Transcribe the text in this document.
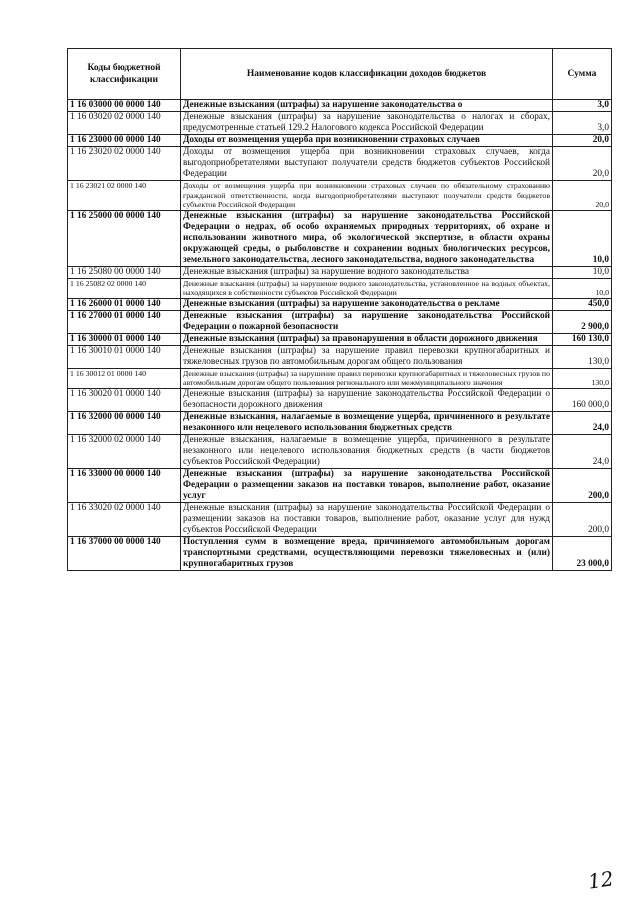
Коды бюджетной классификации	Наименование кодов классификации доходов бюджетов	Сумма
1 16 03000 00 0000 140	Денежные взыскания (штрафы) за нарушение законодательства о	3,0
1 16 03020 02 0000 140	Денежные взыскания (штрафы) за нарушение законодательства о налогах и сборах, предусмотренные статьей 129.2 Налогового кодекса Российской Федерации	3,0
1 16 23000 00 0000 140	Доходы от возмещения ущерба при возникновении страховых случаев	20,0
1 16 23020 02 0000 140	Доходы от возмещения ущерба при возникновении страховых случаев, когда выгодоприобретателями выступают получатели средств бюджетов субъектов Российской Федерации	20,0
1 16 23021 02 0000 140	Доходы от возмещения ущерба при возникновении страховых случаев по обязательному страхованию гражданской ответственности, когда выгодоприобретателями выступают получатели средств бюджетов субъектов Российской Федерации	20,0
1 16 25000 00 0000 140	Денежные взыскания (штрафы) за нарушение законодательства Российской Федерации о недрах, об особо охраняемых природных территориях, об охране и использовании животного мира, об экологической экспертизе, в области охраны окружающей среды, о рыболовстве и сохранении водных биологических ресурсов, земельного законодательства, лесного законодательства, водного законодательства	10,0
1 16 25080 00 0000 140	Денежные взыскания (штрафы) за нарушение водного законодательства	10,0
1 16 25082 02 0000 140	Денежные взыскания (штрафы) за нарушение водного законодательства, установленное на водных объектах, находящихся в собственности субъектов Российской Федерации	10,0
1 16 26000 01 0000 140	Денежные взыскания (штрафы) за нарушение законодательства о рекламе	450,0
1 16 27000 01 0000 140	Денежные взыскания (штрафы) за нарушение законодательства Российской Федерации о пожарной безопасности	2 900,0
1 16 30000 01 0000 140	Денежные взыскания (штрафы) за правонарушения в области дорожного движения	160 130,0
1 16 30010 01 0000 140	Денежные взыскания (штрафы) за нарушение правил перевозки крупногабаритных и тяжеловесных грузов по автомобильным дорогам общего пользования	130,0
1 16 30012 01 0000 140	Денежные взыскания (штрафы) за нарушение правил перевозки крупногабаритных и тяжеловесных грузов по автомобильным дорогам общего пользования регионального или межмуниципального значения	130,0
1 16 30020 01 0000 140	Денежные взыскания (штрафы) за нарушение законодательства Российской Федерации о безопасности дорожного движения	160 000,0
1 16 32000 00 0000 140	Денежные взыскания, налагаемые в возмещение ущерба, причиненного в результате незаконного или нецелевого использования бюджетных средств	24,0
1 16 32000 02 0000 140	Денежные взыскания, налагаемые в возмещение ущерба, причиненного в результате незаконного или нецелевого использования бюджетных средств (в части бюджетов субъектов Российской Федерации)	24,0
1 16 33000 00 0000 140	Денежные взыскания (штрафы) за нарушение законодательства Российской Федерации о размещении заказов на поставки товаров, выполнение работ, оказание услуг	200,0
1 16 33020 02 0000 140	Денежные взыскания (штрафы) за нарушение законодательства Российской Федерации о размещении заказов на поставки товаров, выполнение работ, оказание услуг для нужд субъектов Российской Федерации	200,0
1 16 37000 00 0000 140	Поступления сумм в возмещение вреда, причиняемого автомобильным дорогам транспортными средствами, осуществляющими перевозки тяжеловесных и (или) крупногабаритных грузов	23 000,0
12
